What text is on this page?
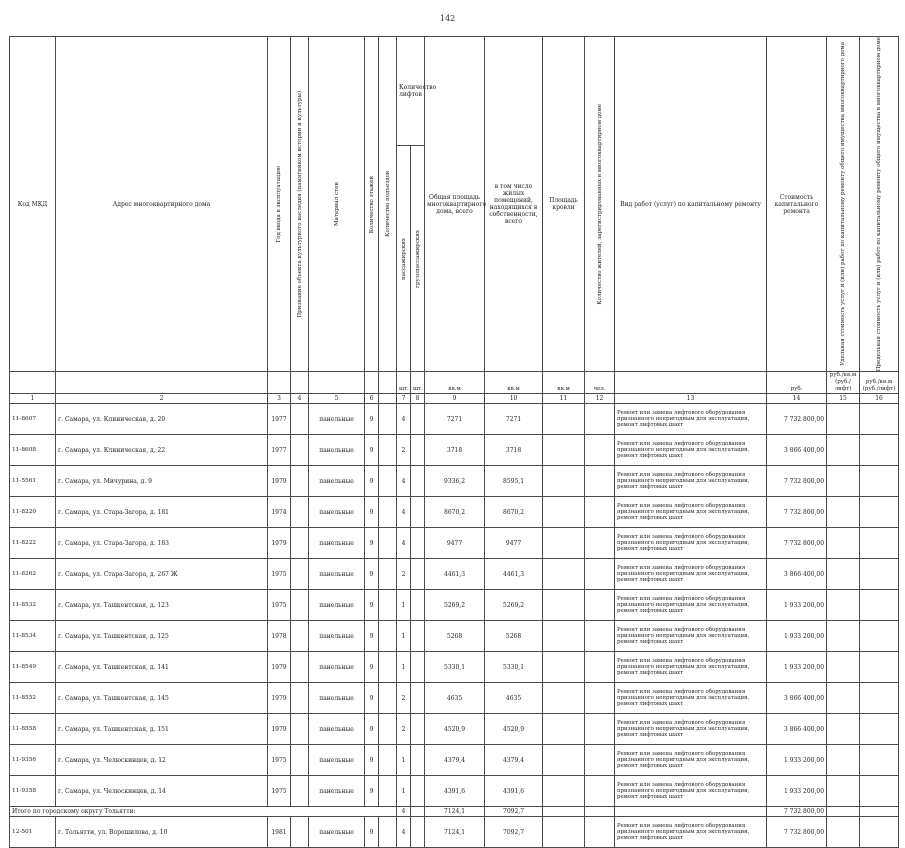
142
Код МКД	Адрес многоквартирного дома	Год ввода в эксплуатацию	Признание объекта культурного наследия (памятником истории и культуры)	Материал стен	Количество этажей	Количество подъездов	Количество лифтов		Общая площадь многоквартирного дома, всего	в том числе жилых помещений, находящихся в собственности, всего	Площадь кровли	Количество жителей, зарегистрированных в многоквартирном доме	Вид работ (услуг) по капитальному ремонту	Стоимость капитального ремонта	Удельная стоимость услуг и (или) работ по капитальному ремонту общего имущества многоквартирного дома	Предельная стоимость услуг и (или) работ по капитальному ремонту общего имущества в многоквартирном доме

							пассажирских	грузопассажирских								

							шт.	шт.	кв.м	кв.м	кв.м	чел.		руб.	руб./кв.м (руб./лифт)	руб./кв.м (руб./лифт)
1	2	3	4	5	6		7	8	9	10	11	12	13	14	15	16
11-8607	г. Самара, ул. Клиническая, д. 20	1977		панельные	9		4		7271	7271			Ремонт или замена лифтового оборудования признанного непригодным для эксплуатации, ремонт лифтовых шахт	7 732 800,00		
11-8608	г. Самара, ул. Клиническая, д. 22	1977		панельные	9		2		3718	3718			Ремонт или замена лифтового оборудования признанного непригодным для эксплуатации, ремонт лифтовых шахт	3 866 400,00		
11-5561	г. Самара, ул. Мичурина, д. 9	1979		панельные	9		4		9336,2	8595,1			Ремонт или замена лифтового оборудования признанного непригодным для эксплуатации, ремонт лифтовых шахт	7 732 800,00		
11-8220	г. Самара, ул. Стара-Загора, д. 181	1974		панельные	9		4		8670,2	8670,2			Ремонт или замена лифтового оборудования признанного непригодным для эксплуатации, ремонт лифтовых шахт	7 732 800,00		
11-8222	г. Самара, ул. Стара-Загора, д. 183	1979		панельные	9		4		9477	9477			Ремонт или замена лифтового оборудования признанного непригодным для эксплуатации, ремонт лифтовых шахт	7 732 800,00		
11-8262	г. Самара, ул. Стара-Загора, д. 267 Ж	1975		панельные	9		2		4461,3	4461,3			Ремонт или замена лифтового оборудования признанного непригодным для эксплуатации, ремонт лифтовых шахт	3 866 400,00		
11-8532	г. Самара, ул. Ташкентская, д. 123	1975		панельные	9		1		5269,2	5269,2			Ремонт или замена лифтового оборудования признанного непригодным для эксплуатации, ремонт лифтовых шахт	1 933 200,00		
11-8534	г. Самара, ул. Ташкентская, д. 125	1978		панельные	9		1		5268	5268			Ремонт или замена лифтового оборудования признанного непригодным для эксплуатации, ремонт лифтовых шахт	1 933 200,00		
11-8549	г. Самара, ул. Ташкентская, д. 141	1979		панельные	9		1		5330,1	5330,1			Ремонт или замена лифтового оборудования признанного непригодным для эксплуатации, ремонт лифтовых шахт	1 933 200,00		
11-8552	г. Самара, ул. Ташкентская, д. 145	1979		панельные	9		2		4635	4635			Ремонт или замена лифтового оборудования признанного непригодным для эксплуатации, ремонт лифтовых шахт	3 866 400,00		
11-8558	г. Самара, ул. Ташкентская, д. 151	1979		панельные	9		2		4520,9	4520,9			Ремонт или замена лифтового оборудования признанного непригодным для эксплуатации, ремонт лифтовых шахт	3 866 400,00		
11-9356	г. Самара, ул. Челюскинцев, д. 12	1975		панельные	9		1		4379,4	4379,4			Ремонт или замена лифтового оборудования признанного непригодным для эксплуатации, ремонт лифтовых шахт	1 933 200,00		
11-9358	г. Самара, ул. Челюскинцев, д. 14	1975		панельные	9		1		4391,6	4391,6			Ремонт или замена лифтового оборудования признанного непригодным для эксплуатации, ремонт лифтовых шахт	1 933 200,00		
Итого по городскому округу Тольятти:							4		7124,1	7092,7				7 732 800,00		
12-501	г. Тольятти, ул. Ворошилова, д. 10	1981		панельные	9		4		7124,1	7092,7			Ремонт или замена лифтового оборудования признанного непригодным для эксплуатации, ремонт лифтовых шахт	7 732 800,00		
